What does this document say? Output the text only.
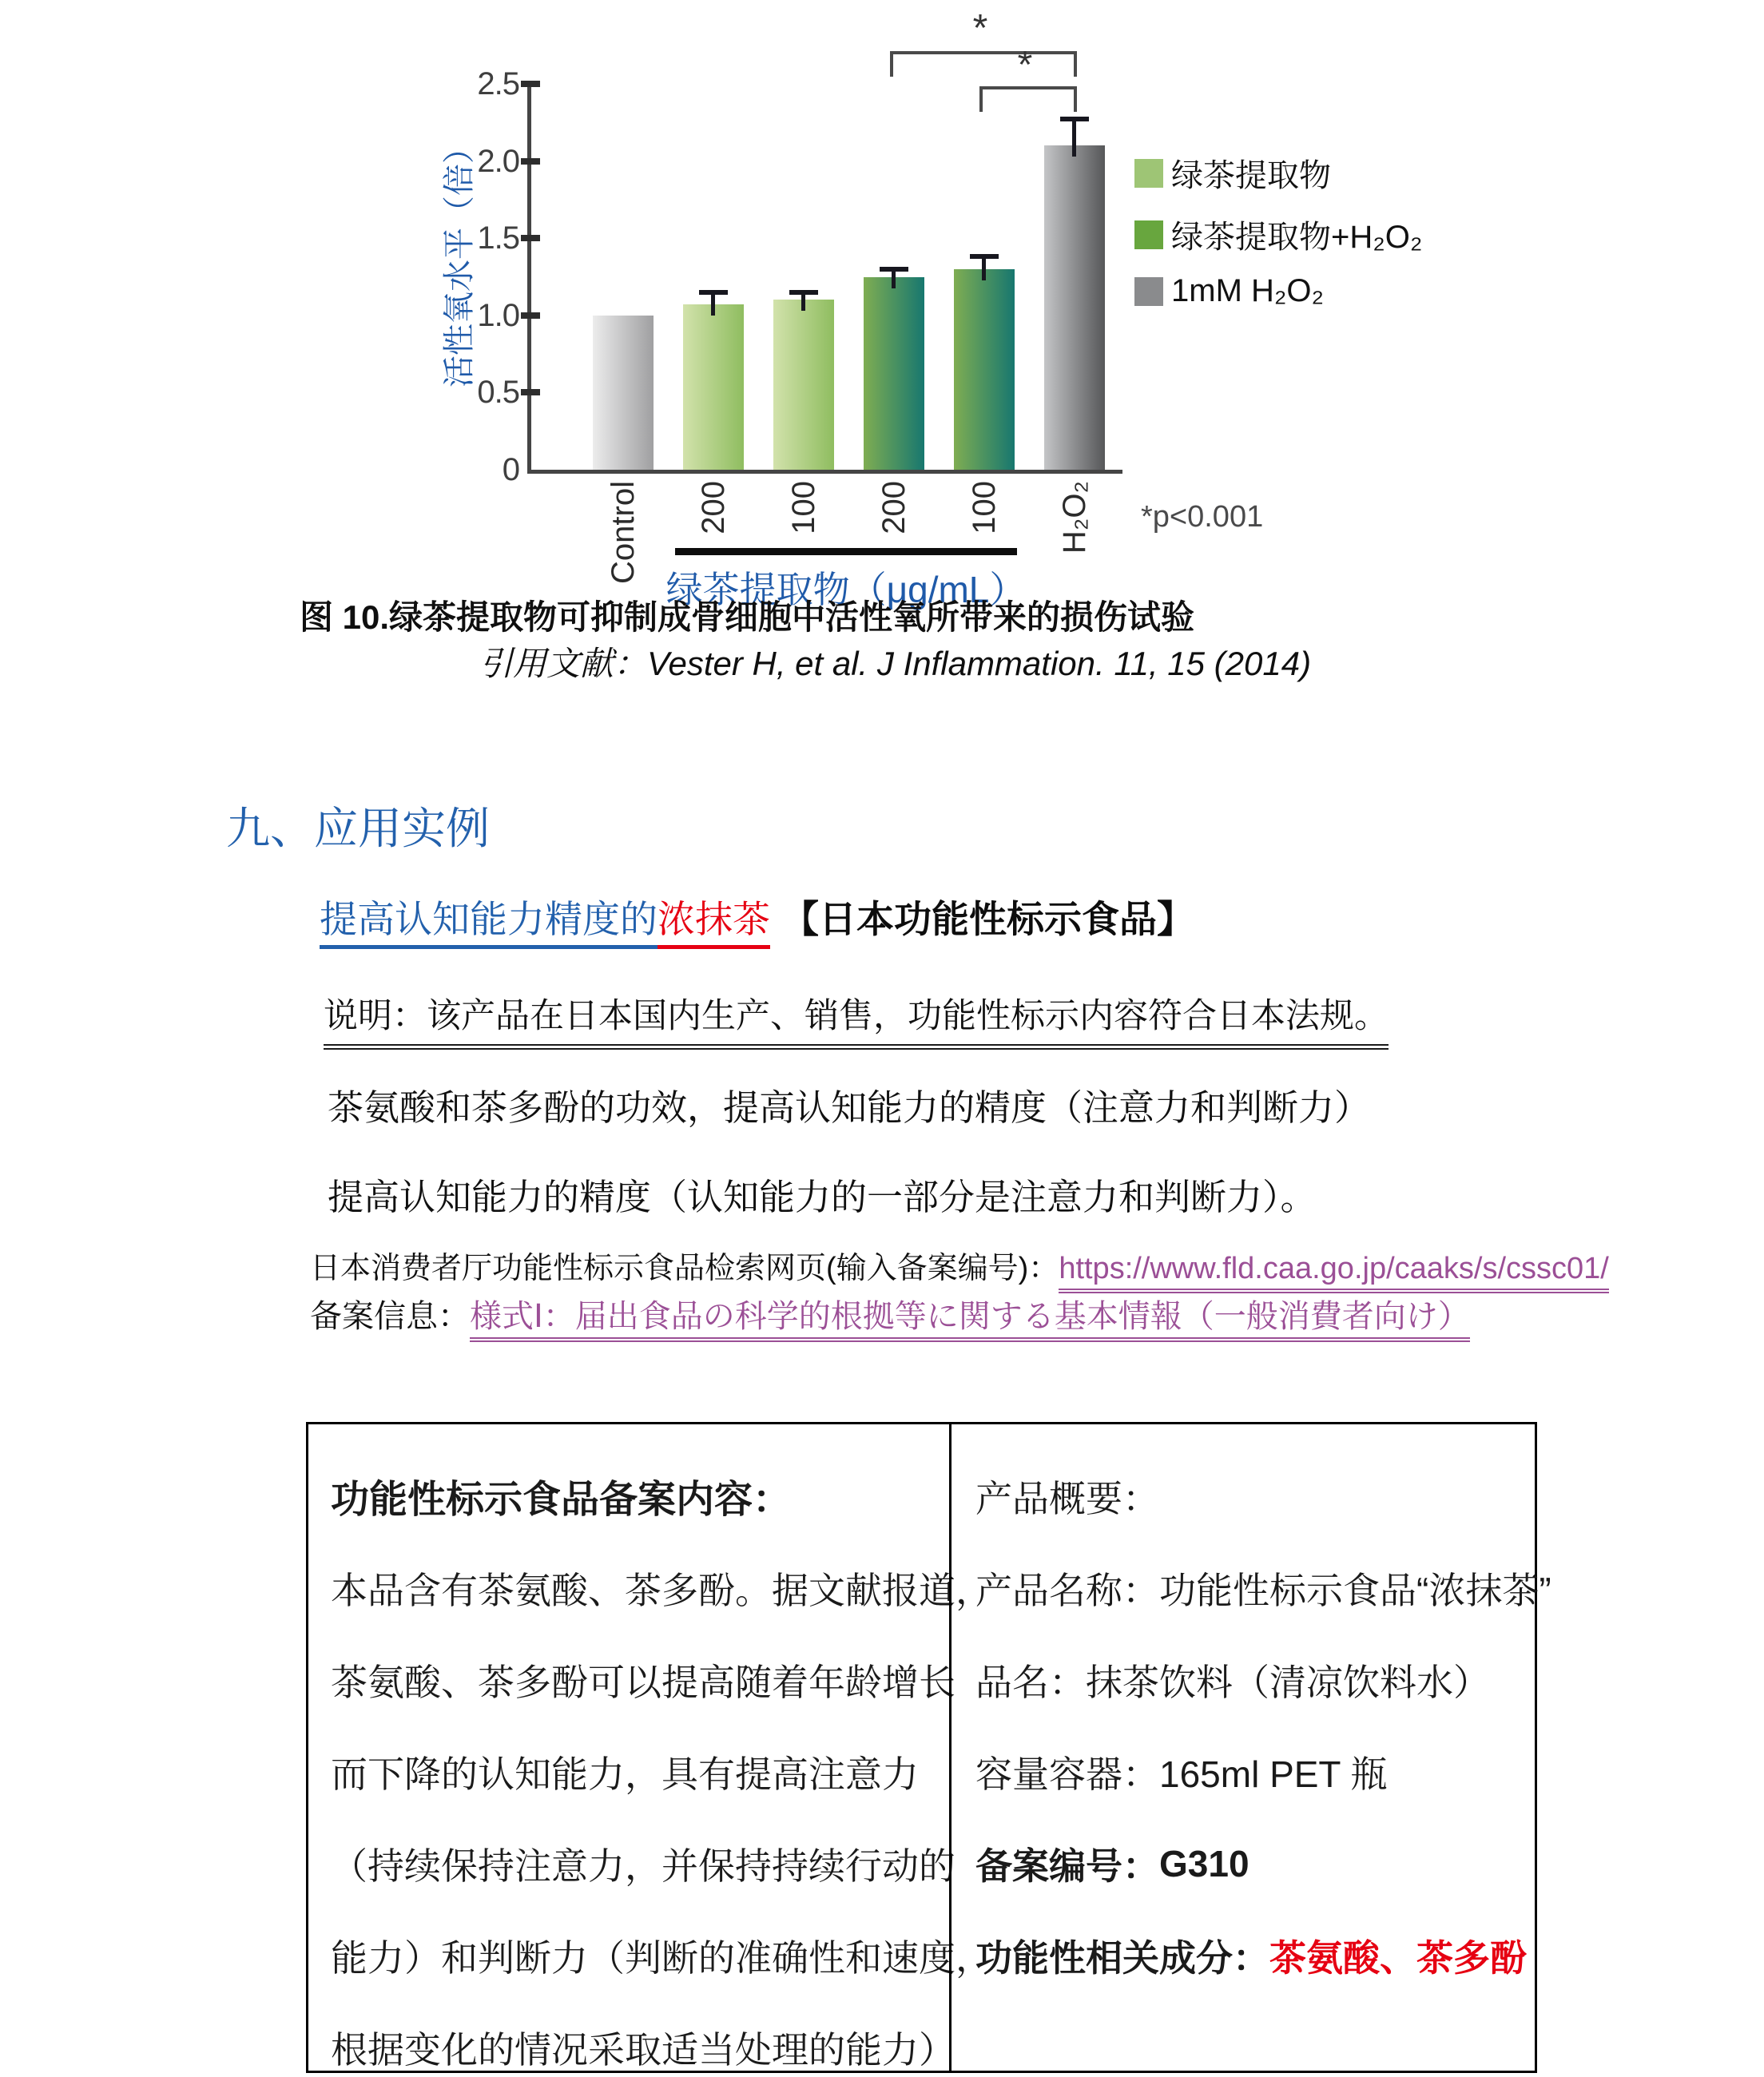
0
0.5
1.0
1.5
2.0
2.5
Control 200 100 200 100 H₂O₂
活性氧水平（倍）
*
*
绿茶提取物
绿茶提取物+H₂O₂
1mM H₂O₂
*p<0.001
绿茶提取物（μg/mL）
图 10.绿茶提取物可抑制成骨细胞中活性氧所带来的损伤试验
引用文献：Vester H, et al. J Inflammation. 11, 15 (2014)
九、应用实例
提高认知能力精度的浓抹茶 【日本功能性标示食品】
说明：该产品在日本国内生产、销售，功能性标示内容符合日本法规。
茶氨酸和茶多酚的功效，提高认知能力的精度（注意力和判断力）
提高认知能力的精度（认知能力的一部分是注意力和判断力）。
日本消费者厅功能性标示食品检索网页(输入备案编号)：https://www.fld.caa.go.jp/caaks/s/cssc01/
备案信息：様式Ⅰ：届出食品の科学的根拠等に関する基本情報（一般消費者向け）
功能性标示食品备案内容：
本品含有茶氨酸、茶多酚。据文献报道，
茶氨酸、茶多酚可以提高随着年龄增长
而下降的认知能力，具有提高注意力
（持续保持注意力，并保持持续行动的
能力）和判断力（判断的准确性和速度，
根据变化的情况采取适当处理的能力）
产品概要：
产品名称：功能性标示食品“浓抹茶”
品名：抹茶饮料（清凉饮料水）
容量容器：165ml PET 瓶
备案编号： G310
功能性相关成分： 茶氨酸、茶多酚
